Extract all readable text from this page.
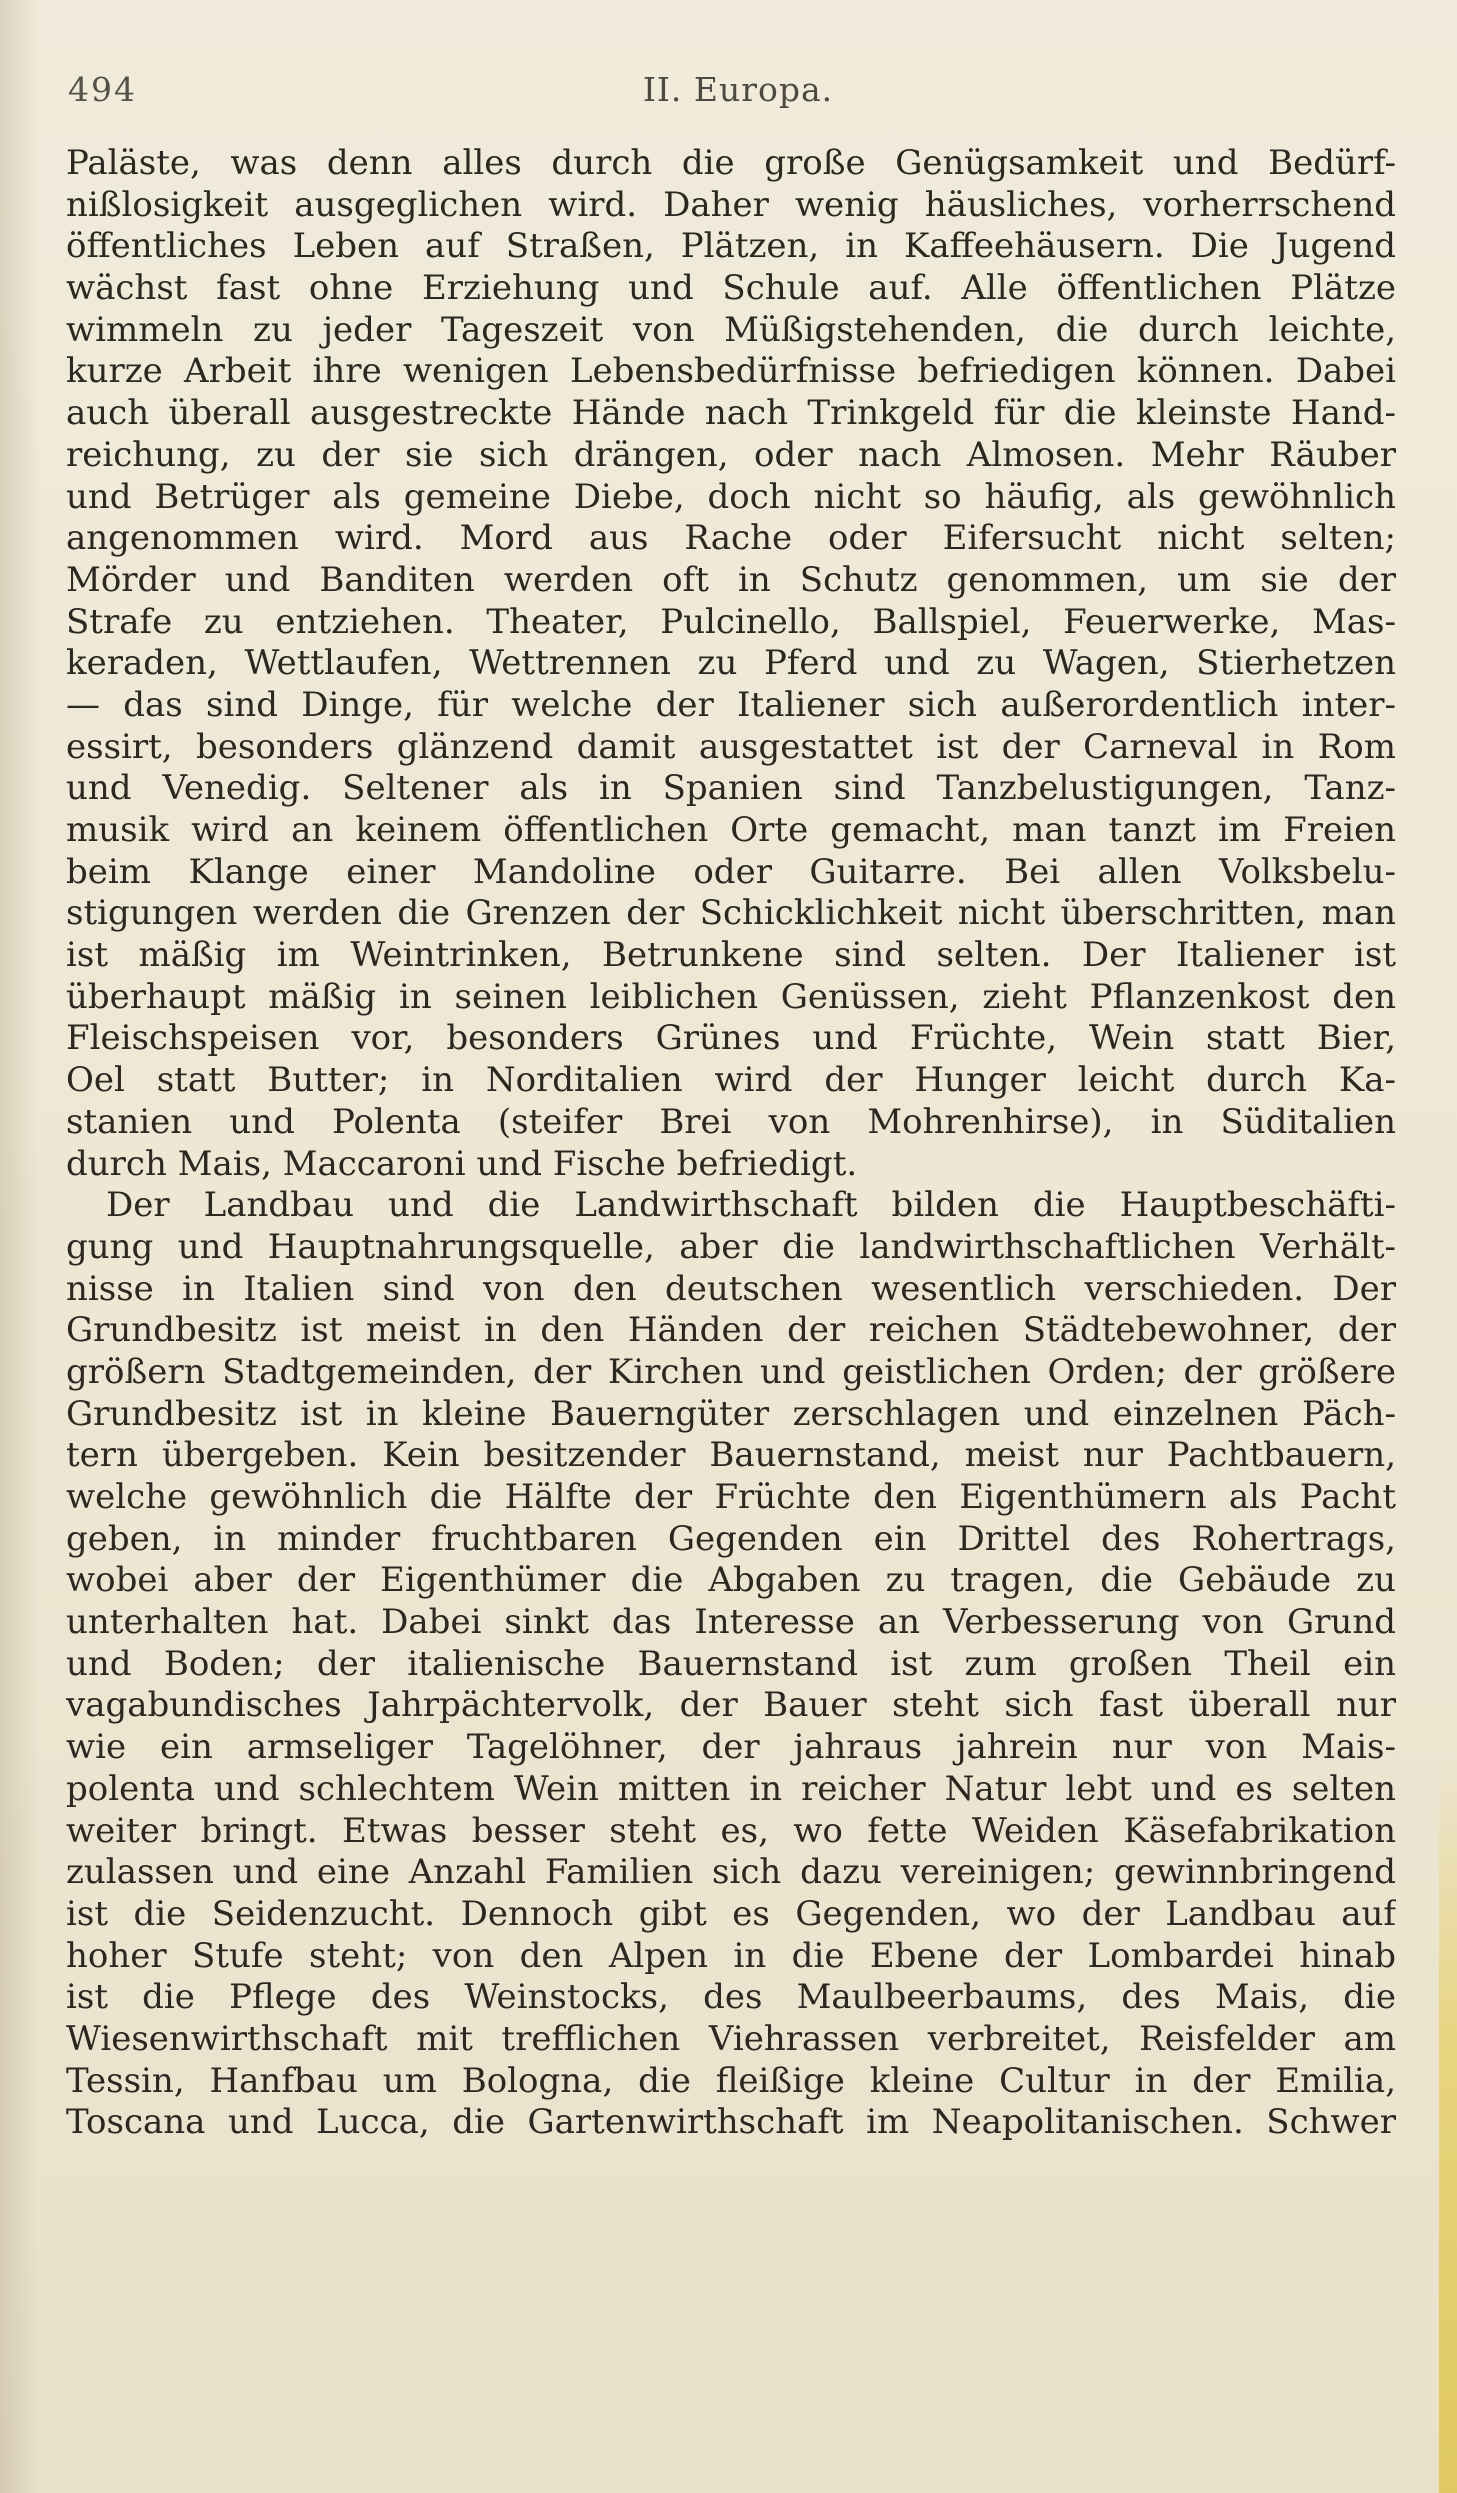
494	II. Europa.
Paläste, was denn alles durch die große Genügsamkeit und Bedürf-
nißlosigkeit ausgeglichen wird. Daher wenig häusliches, vorherrschend
öffentliches Leben auf Straßen, Plätzen, in Kaffeehäusern. Die Jugend
wächst fast ohne Erziehung und Schule auf. Alle öffentlichen Plätze
wimmeln zu jeder Tageszeit von Müßigstehenden, die durch leichte,
kurze Arbeit ihre wenigen Lebensbedürfnisse befriedigen können. Dabei
auch überall ausgestreckte Hände nach Trinkgeld für die kleinste Hand-
reichung, zu der sie sich drängen, oder nach Almosen. Mehr Räuber
und Betrüger als gemeine Diebe, doch nicht so häufig, als gewöhnlich
angenommen wird. Mord aus Rache oder Eifersucht nicht selten;
Mörder und Banditen werden oft in Schutz genommen, um sie der
Strafe zu entziehen. Theater, Pulcinello, Ballspiel, Feuerwerke, Mas-
keraden, Wettlaufen, Wettrennen zu Pferd und zu Wagen, Stierhetzen
— das sind Dinge, für welche der Italiener sich außerordentlich inter-
essirt, besonders glänzend damit ausgestattet ist der Carneval in Rom
und Venedig. Seltener als in Spanien sind Tanzbelustigungen, Tanz-
musik wird an keinem öffentlichen Orte gemacht, man tanzt im Freien
beim Klange einer Mandoline oder Guitarre. Bei allen Volksbelu-
stigungen werden die Grenzen der Schicklichkeit nicht überschritten, man
ist mäßig im Weintrinken, Betrunkene sind selten. Der Italiener ist
überhaupt mäßig in seinen leiblichen Genüssen, zieht Pflanzenkost den
Fleischspeisen vor, besonders Grünes und Früchte, Wein statt Bier,
Oel statt Butter; in Norditalien wird der Hunger leicht durch Ka-
stanien und Polenta (steifer Brei von Mohrenhirse), in Süditalien
durch Mais, Maccaroni und Fische befriedigt.
Der Landbau und die Landwirthschaft bilden die Hauptbeschäfti-
gung und Hauptnahrungsquelle, aber die landwirthschaftlichen Verhält-
nisse in Italien sind von den deutschen wesentlich verschieden. Der
Grundbesitz ist meist in den Händen der reichen Städtebewohner, der
größern Stadtgemeinden, der Kirchen und geistlichen Orden; der größere
Grundbesitz ist in kleine Bauerngüter zerschlagen und einzelnen Päch-
tern übergeben. Kein besitzender Bauernstand, meist nur Pachtbauern,
welche gewöhnlich die Hälfte der Früchte den Eigenthümern als Pacht
geben, in minder fruchtbaren Gegenden ein Drittel des Rohertrags,
wobei aber der Eigenthümer die Abgaben zu tragen, die Gebäude zu
unterhalten hat. Dabei sinkt das Interesse an Verbesserung von Grund
und Boden; der italienische Bauernstand ist zum großen Theil ein
vagabundisches Jahrpächtervolk, der Bauer steht sich fast überall nur
wie ein armseliger Tagelöhner, der jahraus jahrein nur von Mais-
polenta und schlechtem Wein mitten in reicher Natur lebt und es selten
weiter bringt. Etwas besser steht es, wo fette Weiden Käsefabrikation
zulassen und eine Anzahl Familien sich dazu vereinigen; gewinnbringend
ist die Seidenzucht. Dennoch gibt es Gegenden, wo der Landbau auf
hoher Stufe steht; von den Alpen in die Ebene der Lombardei hinab
ist die Pflege des Weinstocks, des Maulbeerbaums, des Mais, die
Wiesenwirthschaft mit trefflichen Viehrassen verbreitet, Reisfelder am
Tessin, Hanfbau um Bologna, die fleißige kleine Cultur in der Emilia,
Toscana und Lucca, die Gartenwirthschaft im Neapolitanischen. Schwer
